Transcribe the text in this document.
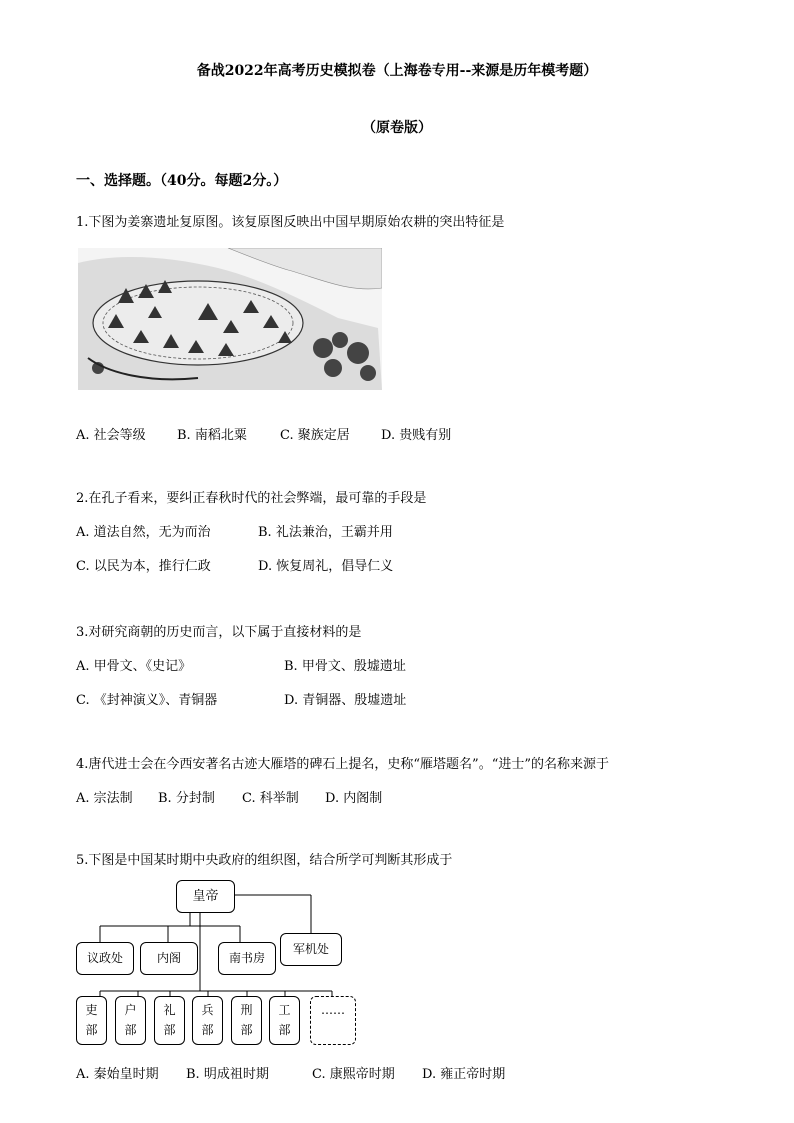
备战2022年高考历史模拟卷（上海卷专用--来源是历年模考题）
（原卷版）
一、选择题。（40分。每题2分。）
1.下图为姜寨遗址复原图。该复原图反映出中国早期原始农耕的突出特征是
A. 社会等级 B. 南稻北粟	C. 聚族定居 D. 贵贱有别
2.在孔子看来，要纠正春秋时代的社会弊端，最可靠的手段是
A. 道法自然，无为而治	B. 礼法兼治，王霸并用
C. 以民为本，推行仁政	D. 恢复周礼，倡导仁义
3.对研究商朝的历史而言，以下属于直接材料的是
A. 甲骨文、《史记》	B. 甲骨文、殷墟遗址
C. 《封神演义》、青铜器	D. 青铜器、殷墟遗址
4.唐代进士会在今西安著名古迹大雁塔的碑石上提名，史称“雁塔题名”。“进士”的名称来源于
A. 宗法制 B. 分封制 C. 科举制 D. 内阁制
5.下图是中国某时期中央政府的组织图，结合所学可判断其形成于
皇帝
议政处	内阁	南书房
军机处
吏
部
户
部
礼
部
兵
部
刑
部
工
部
……
A. 秦始皇时期 B. 明成祖时期	C. 康熙帝时期 D. 雍正帝时期
